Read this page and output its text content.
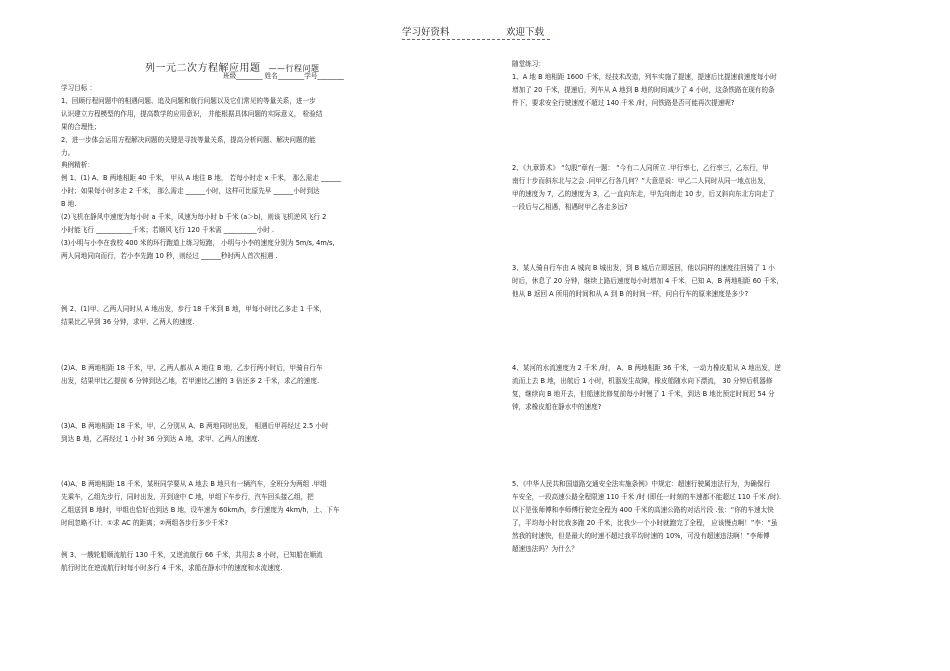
学习好资料	欢迎下载
列一元二次方程解应用题 ——行程问题

班级________ 姓名________学号________

学习目标 ：

1、回顾行程问题中的相遇问题、追及问题和航行问题以及它们常见的等量关系，进一步

认识建立方程模型的作用，提高数学的应用意识， 并能根据具体问题的实际意义， 检验结

果的合理性；

2、进一步体会运用方程解决问题的关键是寻找等量关系，提高分析问题、解决问题的能

力。

典例精析：

例 1、(1) A、B 两地相距 40 千米， 甲从 A 地往 B 地， 若每小时走 x 千米， 那么需走 ______

小时；如果每小时多走 2 千米， 那么需走 ______小时，这样可比原先早 ______小时到达

B 地.

(2)飞机在静风中速度为每小时 a 千米，风速为每小时 b 千米 (a＞b)，则该飞机逆风飞行 2

小时能飞行 ___________千米；若顺风飞行 120 千米需 __________小时 .

(3)小明与小李在我校 400 米的环行跑道上练习短跑， 小明与小李的速度分别为 5m/s, 4m/s,

两人同地同向而行，若小李先跑 10 秒，则经过 ______秒时两人首次相遇 .

例 2、(1)甲、乙两人同时从 A 地出发，步行 18 千米到 B 地，甲每小时比乙多走 1 千米，

结果比乙早到 36 分钟，求甲、乙两人的速度.

(2)A、B 两地相距 18 千米，甲、乙两人都从 A 地往 B 地，乙步行两小时后，甲骑自行车

出发，结果甲比乙提前 6 分钟到达乙地，若甲速比乙速的 3 倍还多 2 千米，求乙的速度.

(3)A、B 两地相距 18 千米，甲，乙分别从 A、B 两地同时出发， 相遇后甲再经过 2.5 小时

到达 B 地，乙再经过 1 小时 36 分到达 A 地，求甲、乙两人的速度.

(4)A、B 两地相距 18 千米，某班同学要从 A 地去 B 地只有一辆汽车，全班分为两组 .甲组

先乘车，乙组先步行，同时出发，开到途中 C 地，甲组下车步行，汽车回头接乙组，把

乙组送到 B 地时，甲组也恰好也到达 B 地，设车速为 60km/h，步行速度为 4km/h，上、下车

时间忽略不计．①求 AC 的距离；②两组各步行多少千米?

例 3、一艘轮船顺流航行 130 千米，又逆流航行 66 千米，共用去 8 小时，已知船在顺流

航行时比在逆流航行时每小时多行 4 千米，求船在静水中的速度和水流速度.

随堂练习：

1、A 地 B 地相距 1600 千米，经技术改造，列车实施了提速，提速后比提速前速度每小时

增加了 20 千米，提速后，列车从 A 地到 B 地的时间减少了 4 小时，这条铁路在现有的条

件下，要求安全行驶速度不超过 140 千米 /时，问铁路是否可能再次提速呢?

2、《九章算术》 “勾股”章有一题： “今有二人同所立 .甲行率七，乙行率三，乙东行，甲

南行十步而斜东北与之会 .问甲乙行各几何？”大意是说：甲乙二人同时从同一地点出发，

甲的速度为 7，乙的速度为 3，乙一直向东走，甲先向南走 10 步，后又斜向东北方向走了

一段后与乙相遇，相遇时甲乙各走多远?

3、某人骑自行车由 A 城向 B 城出发，到 B 城后立即返回，他以同样的速度往回骑了 1 小

时后，休息了 20 分钟，继续上路后速度每小时增加 4 千米．已知 A、B 两地相距 60 千米，

他从 B 返回 A 所用的时间和从 A 到 B 的时间一样，问自行车的原来速度是多少?

4、某河的水流速度为 2 千米 /时， A、B 两地相距 36 千米，一动力橡皮船从 A 地出发，逆

流而上去 B 地，出航后 1 小时，机器发生故障，橡皮船随水向下漂流， 30 分钟后机器修

复，继续向 B 地开去，但船速比修复前每小时慢了 1 千米，到达 B 地比预定时间迟 54 分

钟，求橡皮船在静水中的速度?

5、《中华人民共和国道路交通安全法实施条例》中规定：超速行驶属违法行为，为确保行

车安全，一段高速公路全程限速 110 千米 /时 (即任一时刻的车速都不能超过 110 千米 /时).

以下是张师傅和李师傅行驶完全程为 400 千米的高速公路的对话片段 .张：“你的车速太快

了，平均每小时比我多跑 20 千米，比我少一个小时就跑完了全程， 应该慢点啊！”李：“虽

然我的时速快，但是最大的时速不超过我平均时速的 10%，可没有超速违法啊！”李师傅

超速违法吗？为什么？
